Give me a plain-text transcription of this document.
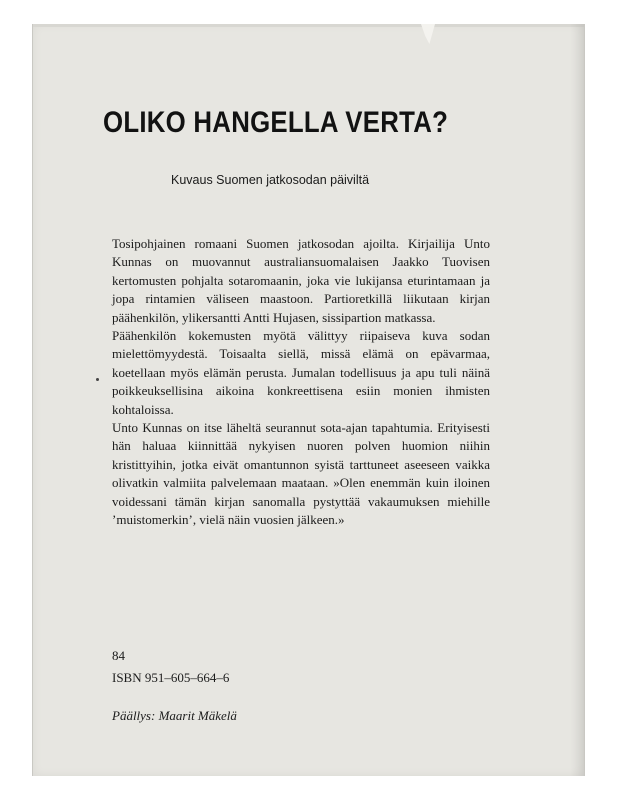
OLIKO HANGELLA VERTA?
Kuvaus Suomen jatkosodan päiviltä

Tosipohjainen romaani Suomen jatkosodan ajoilta. Kirjailija Unto Kunnas on muovannut australiansuomalaisen Jaakko Tuovisen kertomusten pohjalta sotaromaanin, joka vie lukijansa eturintamaan ja jopa rintamien väliseen maastoon. Partioretkillä liikutaan kirjan päähenkilön, ylikersantti Antti Hujasen, sissipartion matkassa.

Päähenkilön kokemusten myötä välittyy riipaiseva kuva sodan mielettömyydestä. Toisaalta siellä, missä elämä on epävarmaa, koetellaan myös elämän perusta. Jumalan todellisuus ja apu tuli näinä poikkeuksellisina aikoina konkreettisena esiin monien ihmisten kohtaloissa.

Unto Kunnas on itse läheltä seurannut sota-ajan tapahtumia. Erityisesti hän haluaa kiinnittää nykyisen nuoren polven huomion niihin kristittyihin, jotka eivät omantunnon syistä tarttuneet aseeseen vaikka olivatkin valmiita palvelemaan maataan. »Olen enemmän kuin iloinen voidessani tämän kirjan sanomalla pystyttää vakaumuksen miehille ’muistomerkin’, vielä näin vuosien jälkeen.»

84
ISBN 951–605–664–6
Päällys: Maarit Mäkelä
